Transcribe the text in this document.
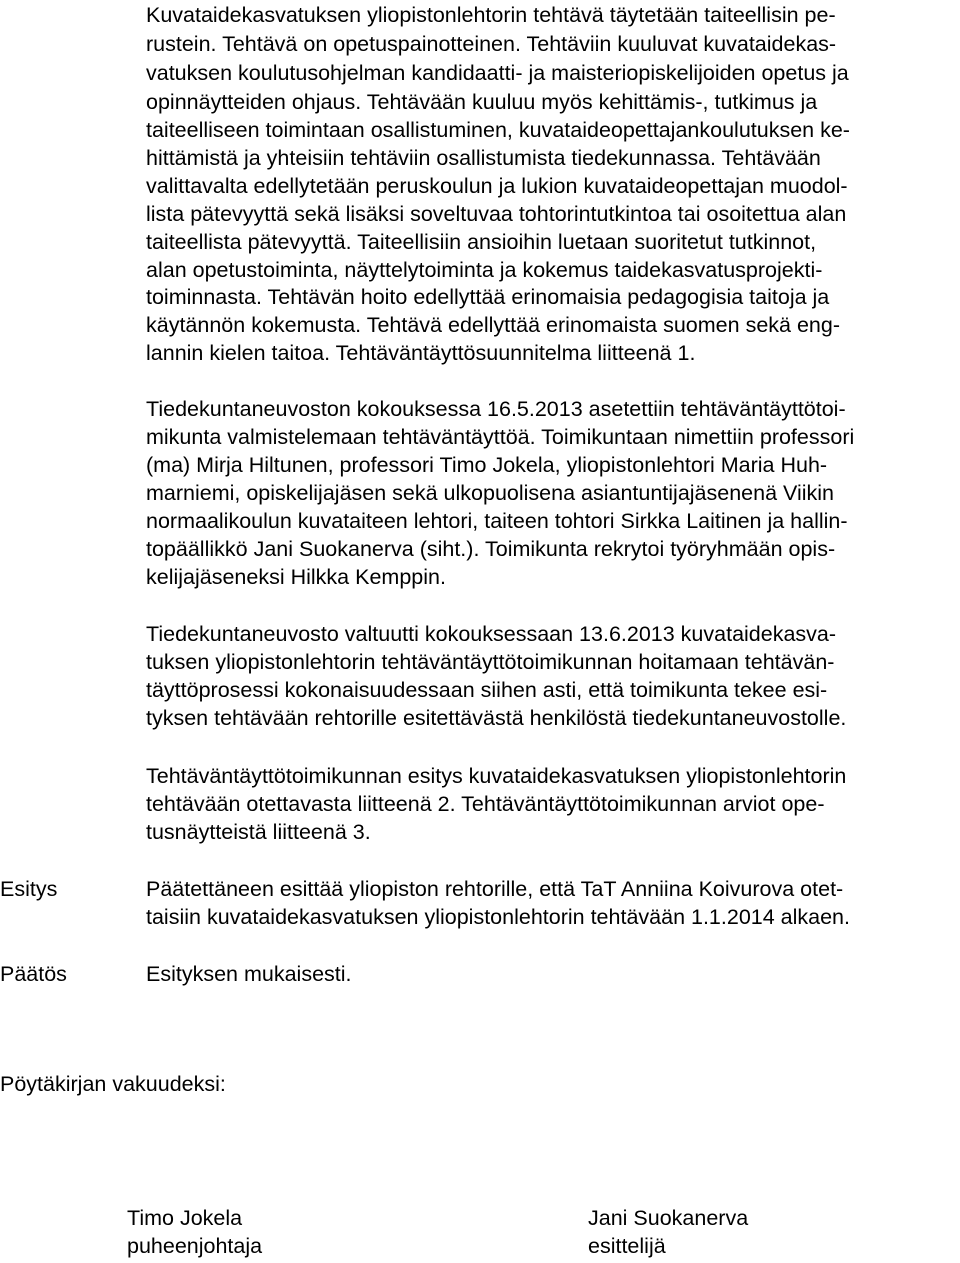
Kuvataidekasvatuksen yliopistonlehtorin tehtävä täytetään taiteellisin pe-
rustein. Tehtävä on opetuspainotteinen. Tehtäviin kuuluvat kuvataidekas-
vatuksen koulutusohjelman kandidaatti- ja maisteriopiskelijoiden opetus ja
opinnäytteiden ohjaus. Tehtävään kuuluu myös kehittämis-, tutkimus ja
taiteelliseen toimintaan osallistuminen, kuvataideopettajankoulutuksen ke-
hittämistä ja yhteisiin tehtäviin osallistumista tiedekunnassa. Tehtävään
valittavalta edellytetään peruskoulun ja lukion kuvataideopettajan muodol-
lista pätevyyttä sekä lisäksi soveltuvaa tohtorintutkintoa tai osoitettua alan
taiteellista pätevyyttä. Taiteellisiin ansioihin luetaan suoritetut tutkinnot,
alan opetustoiminta, näyttelytoiminta ja kokemus taidekasvatusprojekti-
toiminnasta. Tehtävän hoito edellyttää erinomaisia pedagogisia taitoja ja
käytännön kokemusta. Tehtävä edellyttää erinomaista suomen sekä eng-
lannin kielen taitoa. Tehtäväntäyttösuunnitelma liitteenä 1.
Tiedekuntaneuvoston kokouksessa 16.5.2013 asetettiin tehtäväntäyttötoi-
mikunta valmistelemaan tehtäväntäyttöä. Toimikuntaan nimettiin professori
(ma) Mirja Hiltunen, professori Timo Jokela, yliopistonlehtori Maria Huh-
marniemi, opiskelijajäsen sekä ulkopuolisena asiantuntijajäsenenä Viikin
normaalikoulun kuvataiteen lehtori, taiteen tohtori Sirkka Laitinen ja hallin-
topäällikkö Jani Suokanerva (siht.). Toimikunta rekrytoi työryhmään opis-
kelijajäseneksi Hilkka Kemppin.
Tiedekuntaneuvosto valtuutti kokouksessaan 13.6.2013 kuvataidekasva-
tuksen yliopistonlehtorin tehtäväntäyttötoimikunnan hoitamaan tehtävän-
täyttöprosessi kokonaisuudessaan siihen asti, että toimikunta tekee esi-
tyksen tehtävään rehtorille esitettävästä henkilöstä tiedekuntaneuvostolle.
Tehtäväntäyttötoimikunnan esitys kuvataidekasvatuksen yliopistonlehtorin
tehtävään otettavasta liitteenä 2. Tehtäväntäyttötoimikunnan arviot ope-
tusnäytteistä liitteenä 3.
Esitys	Päätettäneen esittää yliopiston rehtorille, että TaT Anniina Koivurova otet-
taisiin kuvataidekasvatuksen yliopistonlehtorin tehtävään 1.1.2014 alkaen.
Päätös	Esityksen mukaisesti.
Pöytäkirjan vakuudeksi:
Timo Jokela
puheenjohtaja
Jani Suokanerva
esittelijä
